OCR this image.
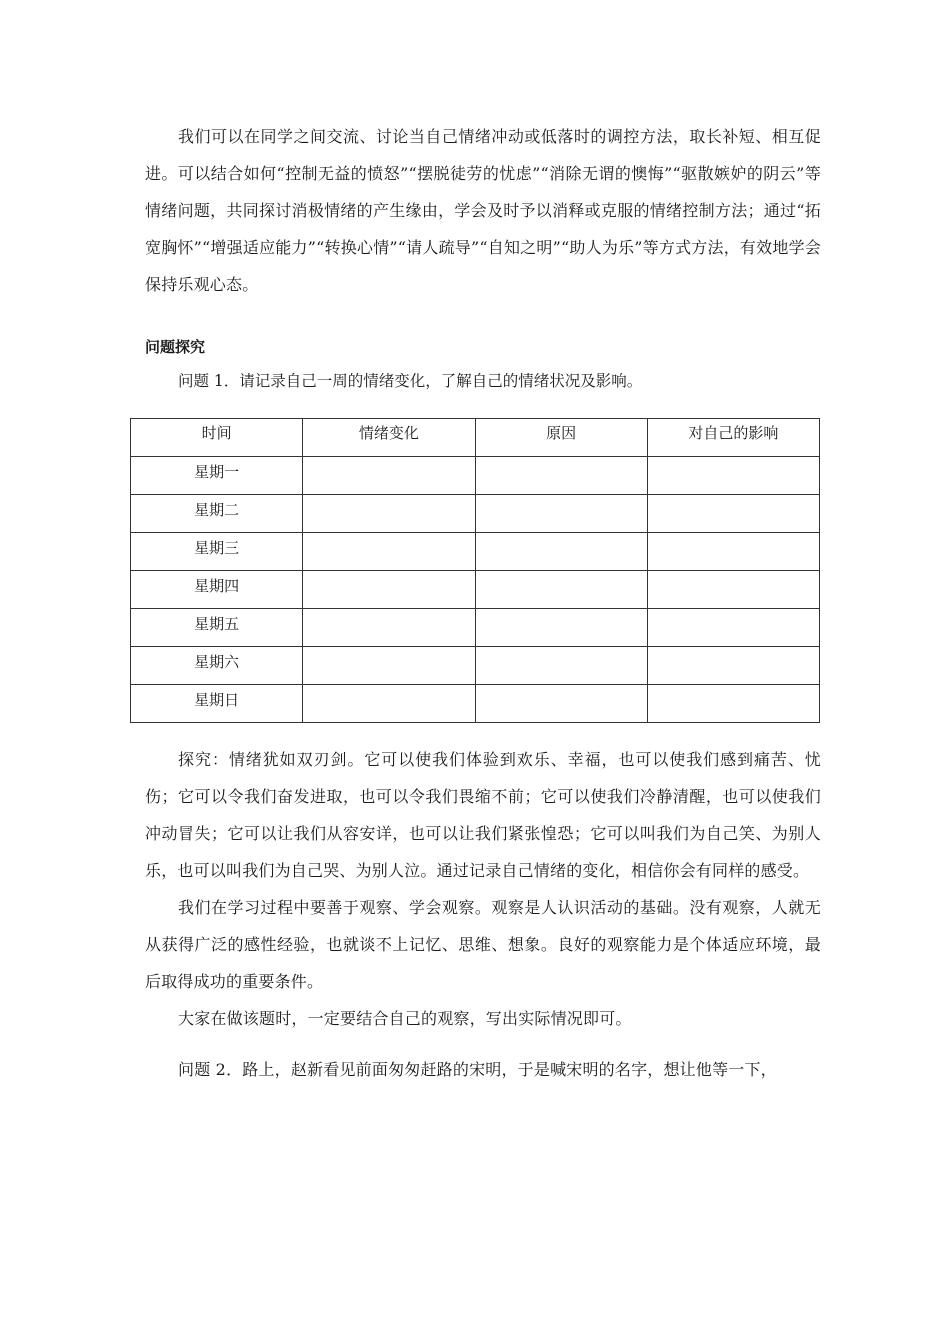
我们可以在同学之间交流、讨论当自己情绪冲动或低落时的调控方法，取长补短、相互促进。可以结合如何“控制无益的愤怒”“摆脱徒劳的忧虑”“消除无谓的懊悔”“驱散嫉妒的阴云”等情绪问题，共同探讨消极情绪的产生缘由，学会及时予以消释或克服的情绪控制方法；通过“拓宽胸怀”“增强适应能力”“转换心情”“请人疏导”“自知之明”“助人为乐”等方式方法，有效地学会保持乐观心态。

问题探究

问题 1．请记录自己一周的情绪变化，了解自己的情绪状况及影响。

时间	情绪变化	原因	对自己的影响
星期一			
星期二			
星期三			
星期四			
星期五			
星期六			
星期日			

探究：情绪犹如双刃剑。它可以使我们体验到欢乐、幸福，也可以使我们感到痛苦、忧伤；它可以令我们奋发进取，也可以令我们畏缩不前；它可以使我们冷静清醒，也可以使我们冲动冒失；它可以让我们从容安详，也可以让我们紧张惶恐；它可以叫我们为自己笑、为别人乐，也可以叫我们为自己哭、为别人泣。通过记录自己情绪的变化，相信你会有同样的感受。

我们在学习过程中要善于观察、学会观察。观察是人认识活动的基础。没有观察，人就无从获得广泛的感性经验，也就谈不上记忆、思维、想象。良好的观察能力是个体适应环境，最后取得成功的重要条件。

大家在做该题时，一定要结合自己的观察，写出实际情况即可。

问题 2．路上，赵新看见前面匆匆赶路的宋明，于是喊宋明的名字，想让他等一下，
